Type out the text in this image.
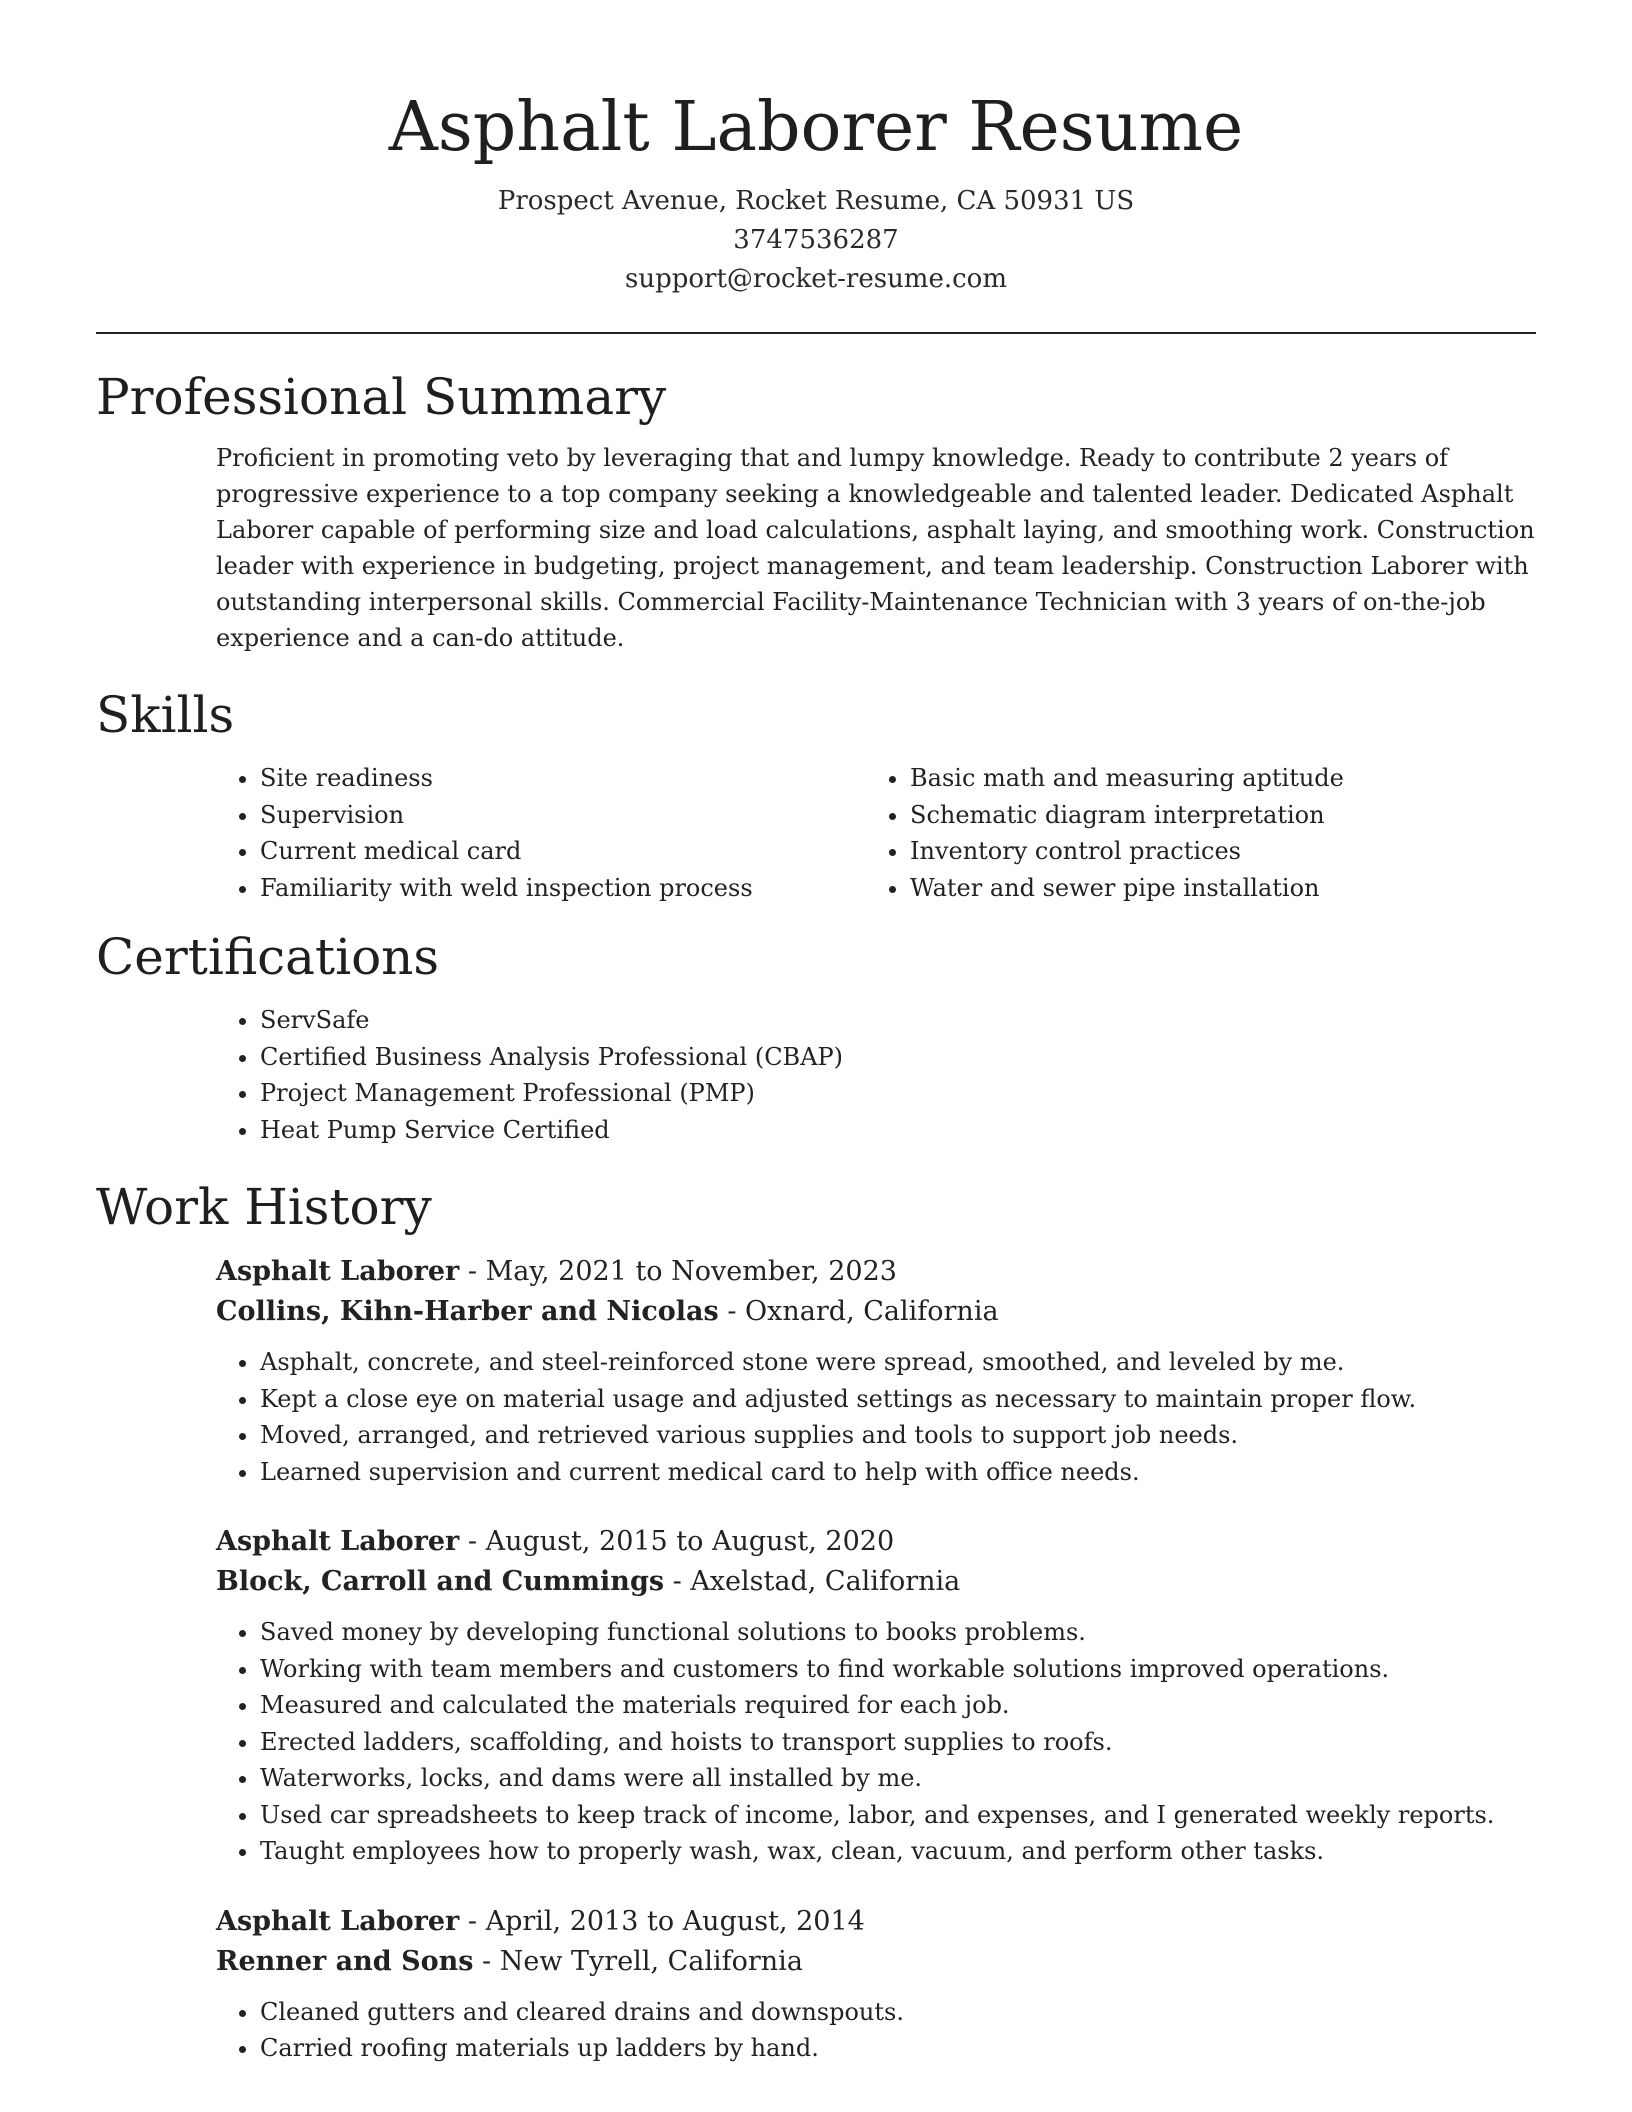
Asphalt Laborer Resume
Prospect Avenue, Rocket Resume, CA 50931 US
3747536287
support@rocket-resume.com
Professional Summary

Proficient in promoting veto by leveraging that and lumpy knowledge. Ready to contribute 2 years of progressive experience to a top company seeking a knowledgeable and talented leader. Dedicated Asphalt Laborer capable of performing size and load calculations, asphalt laying, and smoothing work. Construction leader with experience in budgeting, project management, and team leadership. Construction Laborer with outstanding interpersonal skills. Commercial Facility-Maintenance Technician with 3 years of on-the-job experience and a can-do attitude.

Skills
• Site readiness
• Supervision
• Current medical card
• Familiarity with weld inspection process
• Basic math and measuring aptitude
• Schematic diagram interpretation
• Inventory control practices
• Water and sewer pipe installation
Certifications
• ServSafe
• Certified Business Analysis Professional (CBAP)
• Project Management Professional (PMP)
• Heat Pump Service Certified
Work History
Asphalt Laborer - May, 2021 to November, 2023
Collins, Kihn-Harber and Nicolas - Oxnard, California
• Asphalt, concrete, and steel-reinforced stone were spread, smoothed, and leveled by me.
• Kept a close eye on material usage and adjusted settings as necessary to maintain proper flow.
• Moved, arranged, and retrieved various supplies and tools to support job needs.
• Learned supervision and current medical card to help with office needs.
Asphalt Laborer - August, 2015 to August, 2020
Block, Carroll and Cummings - Axelstad, California
• Saved money by developing functional solutions to books problems.
• Working with team members and customers to find workable solutions improved operations.
• Measured and calculated the materials required for each job.
• Erected ladders, scaffolding, and hoists to transport supplies to roofs.
• Waterworks, locks, and dams were all installed by me.
• Used car spreadsheets to keep track of income, labor, and expenses, and I generated weekly reports.
• Taught employees how to properly wash, wax, clean, vacuum, and perform other tasks.
Asphalt Laborer - April, 2013 to August, 2014
Renner and Sons - New Tyrell, California
• Cleaned gutters and cleared drains and downspouts.
• Carried roofing materials up ladders by hand.
